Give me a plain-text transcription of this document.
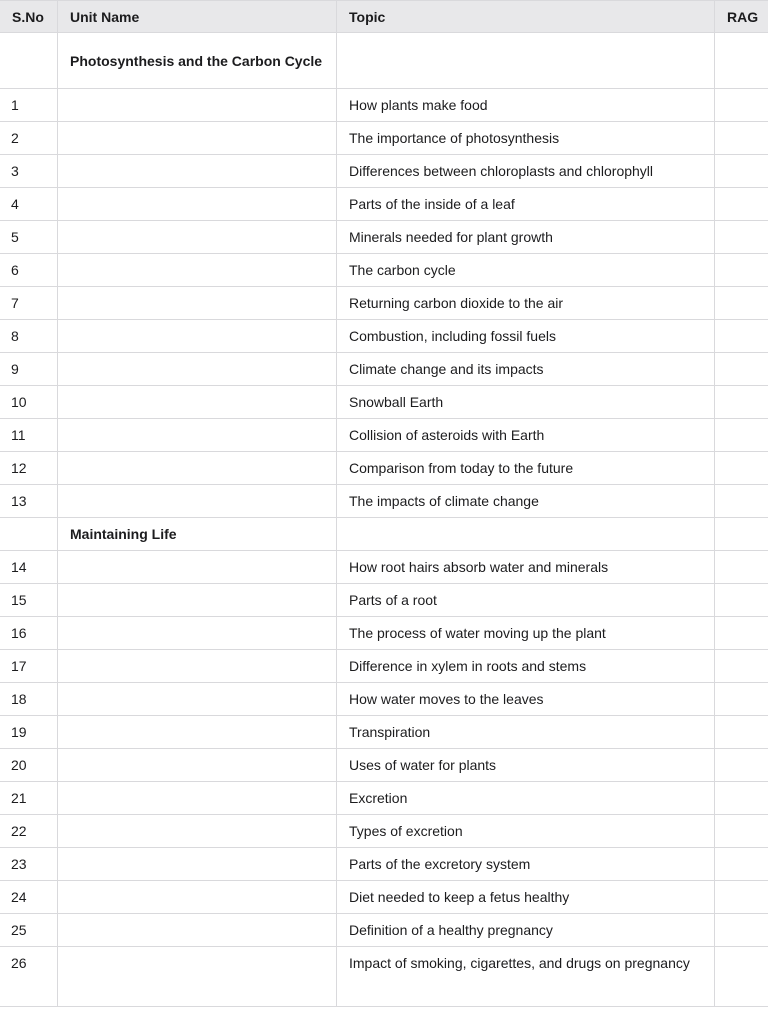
S.No	Unit Name	Topic	RAG
	Photosynthesis and the Carbon Cycle		
1		How plants make food	
2		The importance of photosynthesis	
3		Differences between chloroplasts and chlorophyll	
4		Parts of the inside of a leaf	
5		Minerals needed for plant growth	
6		The carbon cycle	
7		Returning carbon dioxide to the air	
8		Combustion, including fossil fuels	
9		Climate change and its impacts	
10		Snowball Earth	
11		Collision of asteroids with Earth	
12		Comparison from today to the future	
13		The impacts of climate change	
	Maintaining Life		
14		How root hairs absorb water and minerals	
15		Parts of a root	
16		The process of water moving up the plant	
17		Difference in xylem in roots and stems	
18		How water moves to the leaves	
19		Transpiration	
20		Uses of water for plants	
21		Excretion	
22		Types of excretion	
23		Parts of the excretory system	
24		Diet needed to keep a fetus healthy	
25		Definition of a healthy pregnancy	
26		Impact of smoking, cigarettes, and drugs on pregnancy	
